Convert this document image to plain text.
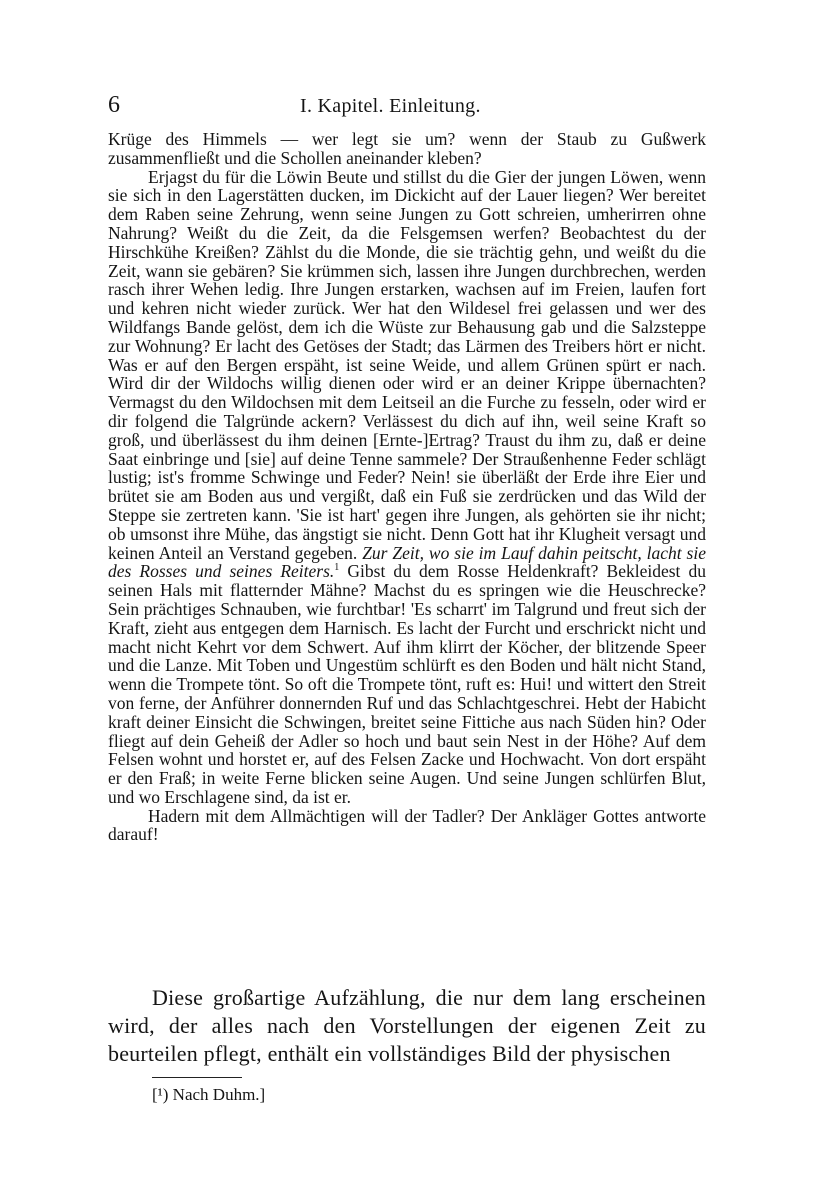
6	I. Kapitel. Einleitung.

Krüge des Himmels — wer legt sie um? wenn der Staub zu Gußwerk zusammenfließt und die Schollen aneinander kleben?

Erjagst du für die Löwin Beute und stillst du die Gier der jungen Löwen, wenn sie sich in den Lagerstätten ducken, im Dickicht auf der Lauer liegen? Wer bereitet dem Raben seine Zehrung, wenn seine Jungen zu Gott schreien, umherirren ohne Nahrung? Weißt du die Zeit, da die Felsgemsen werfen? Beobachtest du der Hirschkühe Kreißen? Zählst du die Monde, die sie trächtig gehn, und weißt du die Zeit, wann sie gebären? Sie krümmen sich, lassen ihre Jungen durchbrechen, werden rasch ihrer Wehen ledig. Ihre Jungen erstarken, wachsen auf im Freien, laufen fort und kehren nicht wieder zurück. Wer hat den Wildesel frei gelassen und wer des Wildfangs Bande gelöst, dem ich die Wüste zur Behausung gab und die Salzsteppe zur Wohnung? Er lacht des Getöses der Stadt; das Lärmen des Treibers hört er nicht. Was er auf den Bergen erspäht, ist seine Weide, und allem Grünen spürt er nach. Wird dir der Wildochs willig dienen oder wird er an deiner Krippe übernachten? Vermagst du den Wildochsen mit dem Leitseil an die Furche zu fesseln, oder wird er dir folgend die Talgründe ackern? Verlässest du dich auf ihn, weil seine Kraft so groß, und überlässest du ihm deinen [Ernte-]Ertrag? Traust du ihm zu, daß er deine Saat einbringe und [sie] auf deine Tenne sammele? Der Straußenhenne Feder schlägt lustig; ist's fromme Schwinge und Feder? Nein! sie überläßt der Erde ihre Eier und brütet sie am Boden aus und vergißt, daß ein Fuß sie zerdrücken und das Wild der Steppe sie zertreten kann. 'Sie ist hart' gegen ihre Jungen, als gehörten sie ihr nicht; ob umsonst ihre Mühe, das ängstigt sie nicht. Denn Gott hat ihr Klugheit versagt und keinen Anteil an Verstand gegeben. Zur Zeit, wo sie im Lauf dahin peitscht, lacht sie des Rosses und seines Reiters.$^1$ Gibst du dem Rosse Heldenkraft? Bekleidest du seinen Hals mit flatternder Mähne? Machst du es springen wie die Heuschrecke? Sein prächtiges Schnauben, wie furchtbar! 'Es scharrt' im Talgrund und freut sich der Kraft, zieht aus entgegen dem Harnisch. Es lacht der Furcht und erschrickt nicht und macht nicht Kehrt vor dem Schwert. Auf ihm klirrt der Köcher, der blitzende Speer und die Lanze. Mit Toben und Ungestüm schlürft es den Boden und hält nicht Stand, wenn die Trompete tönt. So oft die Trompete tönt, ruft es: Hui! und wittert den Streit von ferne, der Anführer donnernden Ruf und das Schlachtgeschrei. Hebt der Habicht kraft deiner Einsicht die Schwingen, breitet seine Fittiche aus nach Süden hin? Oder fliegt auf dein Geheiß der Adler so hoch und baut sein Nest in der Höhe? Auf dem Felsen wohnt und horstet er, auf des Felsen Zacke und Hochwacht. Von dort erspäht er den Fraß; in weite Ferne blicken seine Augen. Und seine Jungen schlürfen Blut, und wo Erschlagene sind, da ist er.

Hadern mit dem Allmächtigen will der Tadler? Der Ankläger Gottes antworte darauf!

Diese großartige Aufzählung, die nur dem lang erscheinen wird, der alles nach den Vorstellungen der eigenen Zeit zu beurteilen pflegt, enthält ein vollständiges Bild der physischen

[¹) Nach Duhm.]
